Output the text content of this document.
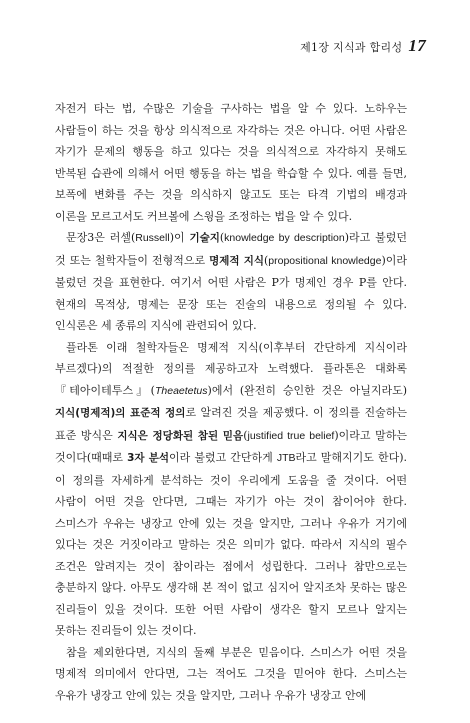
제1장 지식과 합리성 17

자전거 타는 법, 수많은 기술을 구사하는 법을 알 수 있다. 노하우는 사람들이 하는 것을 항상 의식적으로 자각하는 것은 아니다. 어떤 사람은 자기가 문제의 행동을 하고 있다는 것을 의식적으로 자각하지 못해도 반복된 습관에 의해서 어떤 행동을 하는 법을 학습할 수 있다. 예를 들면, 보폭에 변화를 주는 것을 의식하지 않고도 또는 타격 기법의 배경과 이론을 모르고서도 커브볼에 스윙을 조정하는 법을 알 수 있다.

문장3은 러셀(Russell)이 기술지(knowledge by description)라고 불렀던 것 또는 철학자들이 전형적으로 명제적 지식(propositional knowledge)이라 불렀던 것을 표현한다. 여기서 어떤 사람은 P가 명제인 경우 P를 안다. 현재의 목적상, 명제는 문장 또는 진술의 내용으로 정의될 수 있다. 인식론은 세 종류의 지식에 관련되어 있다.

플라톤 이래 철학자들은 명제적 지식(이후부터 간단하게 지식이라 부르겠다)의 적절한 정의를 제공하고자 노력했다. 플라톤은 대화록 『테아이테투스』(Theaetetus)에서 (완전히 승인한 것은 아닐지라도) 지식(명제적)의 표준적 정의로 알려진 것을 제공했다. 이 정의를 진술하는 표준 방식은 지식은 정당화된 참된 믿음(justified true belief)이라고 말하는 것이다(때때로 3자 분석이라 불렸고 간단하게 JTB라고 말해지기도 한다). 이 정의를 자세하게 분석하는 것이 우리에게 도움을 줄 것이다. 어떤 사람이 어떤 것을 안다면, 그때는 자기가 아는 것이 참이어야 한다. 스미스가 우유는 냉장고 안에 있는 것을 알지만, 그러나 우유가 거기에 있다는 것은 거짓이라고 말하는 것은 의미가 없다. 따라서 지식의 필수 조건은 알려지는 것이 참이라는 점에서 성립한다. 그러나 참만으로는 충분하지 않다. 아무도 생각해 본 적이 없고 심지어 알지조차 못하는 많은 진리들이 있을 것이다. 또한 어떤 사람이 생각은 할지 모르나 알지는 못하는 진리들이 있는 것이다.

참을 제외한다면, 지식의 둘째 부분은 믿음이다. 스미스가 어떤 것을 명제적 의미에서 안다면, 그는 적어도 그것을 믿어야 한다. 스미스는 우유가 냉장고 안에 있는 것을 알지만, 그러나 우유가 냉장고 안에
